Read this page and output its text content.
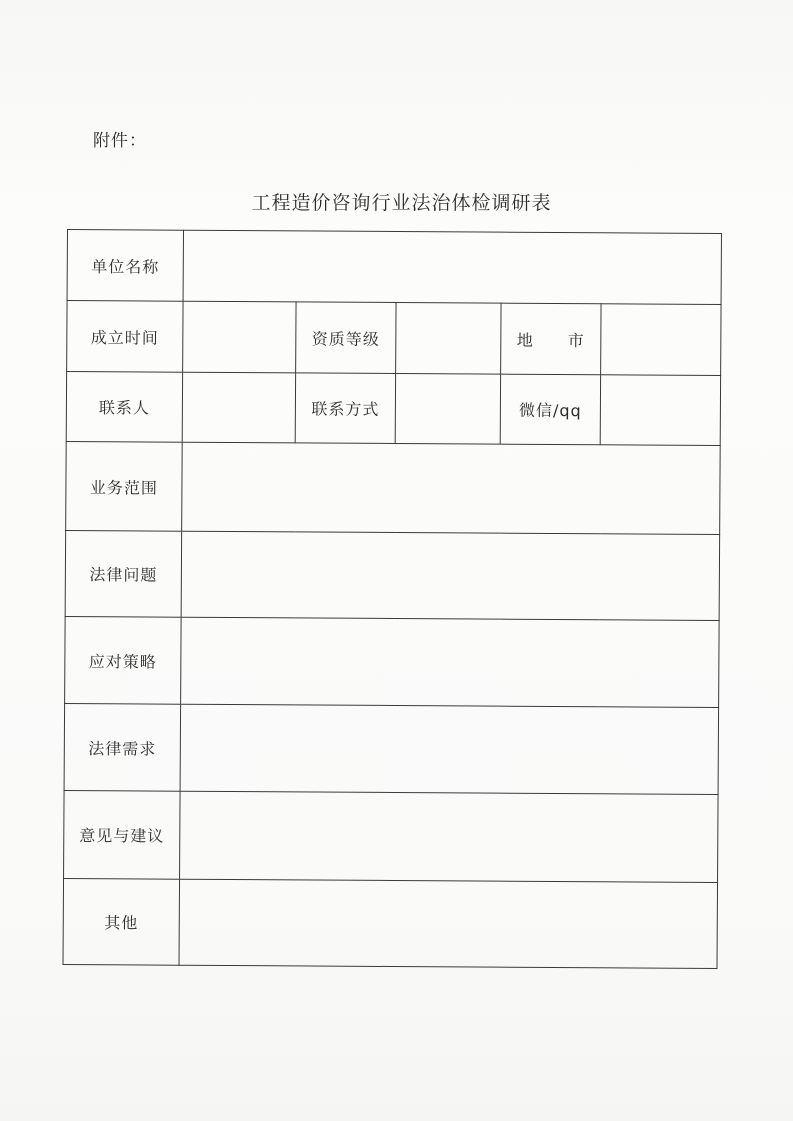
附件：
工程造价咨询行业法治体检调研表
单位名称					
成立时间		资质等级		地　　市	
联系人		联系方式		微信/qq	
业务范围					
法律问题					
应对策略					
法律需求					
意见与建议					
其他					
